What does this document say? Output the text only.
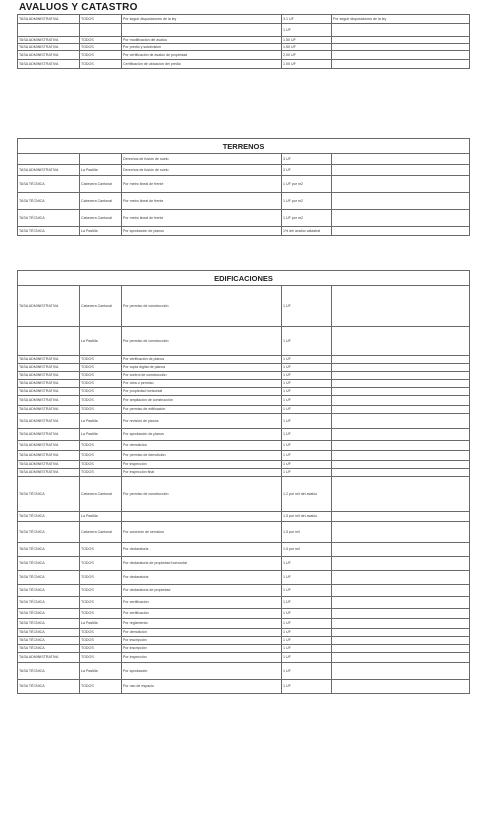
AVALUOS Y CATASTRO
TASA ADMINISTRATIVA	TODOS	Por seguir disposiciones de la ley	3.1 UF	Por seguir disposiciones de la ley
			1 UF	
TASA ADMINISTRATIVA	TODOS	Por modificación del avalúo	1.50 UF	
TASA ADMINISTRATIVA	TODOS	Por predio y subdivisión	1.50 UF	
TASA ADMINISTRATIVA	TODOS	Por certificación de avalúo de propiedad	2.00 UF	
TASA ADMINISTRATIVA	TODOS	Certificación de ubicación del predio	1.00 UF	
TERRENOS				
		Derechos de fusión de suelo	3 UF	
TASA ADMINISTRATIVA	La Pastilla	Derechos de fusión de suelo	3 UF	
TASA TÉCNICA	Cabecera Cantonal	Por metro lineal de frente	1 UF por m2	
TASA TÉCNICA	Cabecera Cantonal	Por metro lineal de frente	1 UF por m2	
TASA TÉCNICA	Cabecera Cantonal	Por metro lineal de frente	1 UF por m2	
TASA TÉCNICA	La Pastilla	Por aprobación de planos	1% del avalúo catastral	
EDIFICACIONES				
TASA ADMINISTRATIVA	Cabecera Cantonal	Por permiso de construcción	1 UF	
	La Pastilla	Por permiso de construcción	1 UF	
TASA ADMINISTRATIVA	TODOS	Por verificación de planos	1 UF	
TASA ADMINISTRATIVA	TODOS	Por copia digital de planos	1 UF	
TASA ADMINISTRATIVA	TODOS	Por control de construcción	1 UF	
TASA ADMINISTRATIVA	TODOS	Por obra o permiso	1 UF	
TASA ADMINISTRATIVA	TODOS	Por propiedad horizontal	1 UF	
TASA ADMINISTRATIVA	TODOS	Por ampliación de construcción	1 UF	
TASA ADMINISTRATIVA	TODOS	Por permiso de edificación	1 UF	
TASA ADMINISTRATIVA	La Pastilla	Por revisión de planos	1 UF	
TASA ADMINISTRATIVA	La Pastilla	Por aprobación de planos	1 UF	
TASA ADMINISTRATIVA	TODOS	Por demolición	1 UF	
TASA ADMINISTRATIVA	TODOS	Por permiso de demolición	1 UF	
TASA ADMINISTRATIVA	TODOS	Por inspección	1 UF	
TASA ADMINISTRATIVA	TODOS	Por inspección final	1 UF	
TASA TÉCNICA	Cabecera Cantonal	Por permiso de construcción	1.2 por mil del avalúo	
TASA TÉCNICA	La Pastilla		1.5 por mil del avalúo	
TASA TÉCNICA	Cabecera Cantonal	Por conexión de servicios	1.5 por mil	
TASA TÉCNICA	TODOS	Por declaratoria	1.5 por mil	
TASA TÉCNICA	TODOS	Por declaratoria de propiedad horizontal	1 UF	
TASA TÉCNICA	TODOS	Por declaratoria	1 UF	
TASA TÉCNICA	TODOS	Por declaratoria de propiedad	1 UF	
TASA TÉCNICA	TODOS	Por certificación	1 UF	
TASA TÉCNICA	TODOS	Por certificación	1 UF	
TASA TÉCNICA	La Pastilla	Por reglamento	1 UF	
TASA TÉCNICA	TODOS	Por demolición	1 UF	
TASA TÉCNICA	TODOS	Por inscripción	1 UF	
TASA TÉCNICA	TODOS	Por inscripción	1 UF	
TASA ADMINISTRATIVA	TODOS	Por inspección	1 UF	
TASA TÉCNICA	La Pastilla	Por aprobación	1 UF	
TASA TÉCNICA	TODOS	Por uso de espacio	1 UF	
